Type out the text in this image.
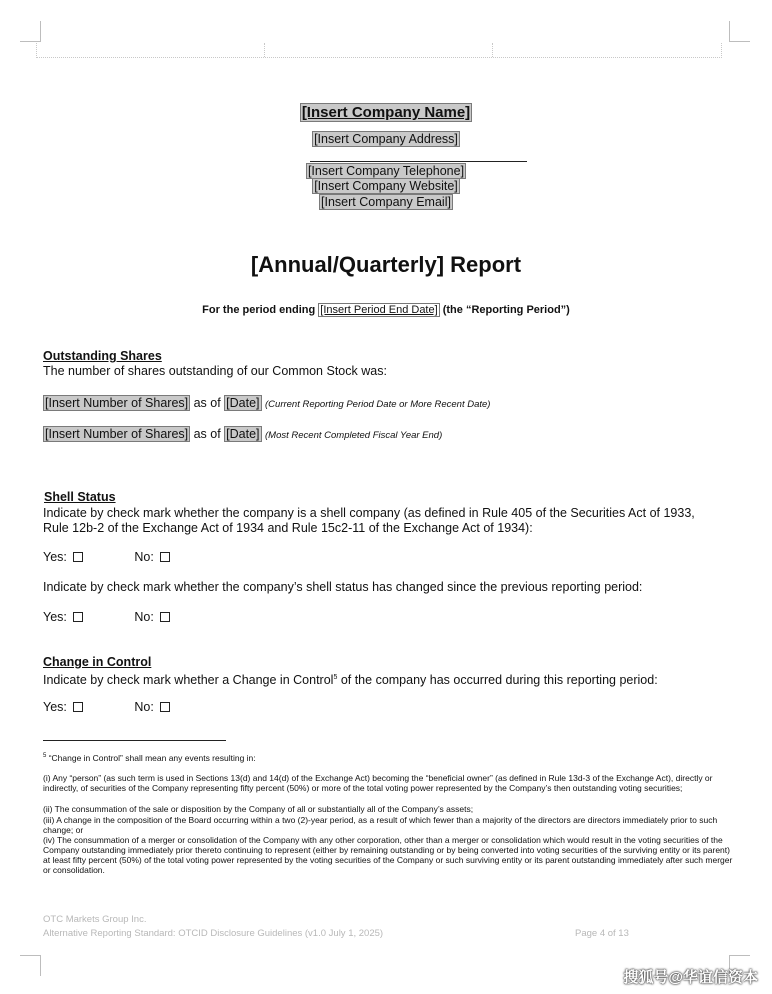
[Insert Company Name]
[Insert Company Address]
[Insert Company Telephone]
[Insert Company Website]
[Insert Company Email]
[Annual/Quarterly] Report
For the period ending [Insert Period End Date] (the “Reporting Period”)
Outstanding Shares
The number of shares outstanding of our Common Stock was:
[Insert Number of Shares] as of [Date] (Current Reporting Period Date or More Recent Date)
[Insert Number of Shares] as of [Date] (Most Recent Completed Fiscal Year End)
Shell Status
Indicate by check mark whether the company is a shell company (as defined in Rule 405 of the Securities Act of 1933, Rule 12b-2 of the Exchange Act of 1934 and Rule 15c2-11 of the Exchange Act of 1934):
Yes:	No:
Indicate by check mark whether the company’s shell status has changed since the previous reporting period:
Yes:	No:
Change in Control
Indicate by check mark whether a Change in Control$^5$ of the company has occurred during this reporting period:
Yes:	No:
$^5$ “Change in Control” shall mean any events resulting in:
(i) Any “person” (as such term is used in Sections 13(d) and 14(d) of the Exchange Act) becoming the “beneficial owner” (as defined in Rule 13d-3 of the Exchange Act), directly or indirectly, of securities of the Company representing fifty percent (50%) or more of the total voting power represented by the Company’s then outstanding voting securities;
(ii) The consummation of the sale or disposition by the Company of all or substantially all of the Company’s assets;
(iii) A change in the composition of the Board occurring within a two (2)-year period, as a result of which fewer than a majority of the directors are directors immediately prior to such change; or
(iv) The consummation of a merger or consolidation of the Company with any other corporation, other than a merger or consolidation which would result in the voting securities of the Company outstanding immediately prior thereto continuing to represent (either by remaining outstanding or by being converted into voting securities of the surviving entity or its parent) at least fifty percent (50%) of the total voting power represented by the voting securities of the Company or such surviving entity or its parent outstanding immediately after such merger or consolidation.
OTC Markets Group Inc.
Alternative Reporting Standard: OTCID Disclosure Guidelines (v1.0 July 1, 2025)	Page 4 of 13
搜狐号@华谊信资本
